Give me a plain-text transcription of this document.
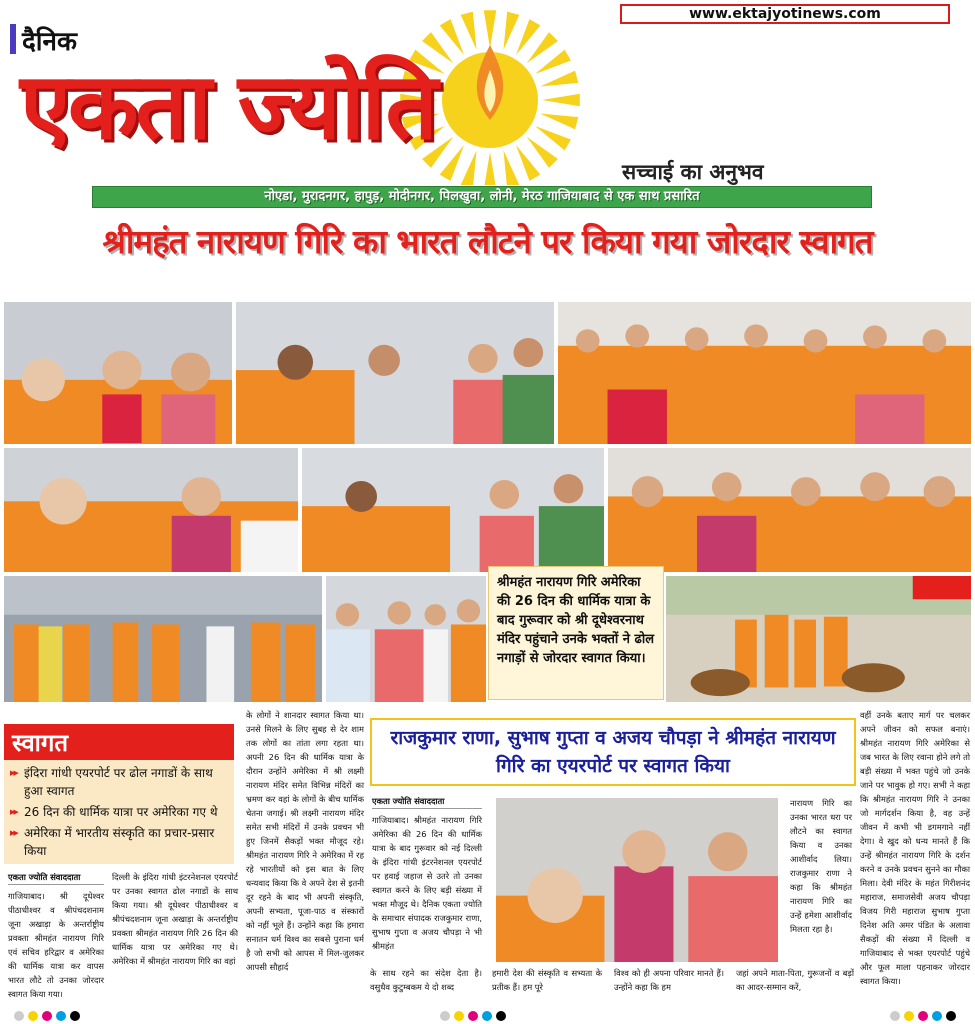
www.ektajyotinews.com
दैनिक
एकता ज्योति
सच्चाई का अनुभव
नोएडा, मुरादनगर, हापुड़, मोदीनगर, पिलखुवा, लोनी, मेरठ गाजियाबाद से एक साथ प्रसारित
श्रीमहंत नारायण गिरि का भारत लौटने पर किया गया जोरदार स्वागत
श्रीमहंत नारायण गिरि अमेरिका की 26 दिन की धार्मिक यात्रा के बाद गुरूवार को श्री दूधेश्वरनाथ मंदिर पहुंचाने उनके भक्तों ने ढोल नगाड़ों से जोरदार स्वागत किया।
स्वागत
▶▶ इंदिरा गांधी एयरपोर्ट पर ढोल नगाडों के साथ हुआ स्वागत
▶▶ 26 दिन की धार्मिक यात्रा पर अमेरिका गए थे
▶▶ अमेरिका में भारतीय संस्कृति का प्रचार-प्रसार किया
एकता ज्योति संवाददाता
गाजियाबाद। श्री दूधेश्वर पीठाधीश्वर व श्रीपंचदशनाम जूना अखाड़ा के अन्तर्राष्ट्रीय प्रवक्ता श्रीमहंत नारायण गिरि एवं सचिव हरिद्वार व अमेरिका की धार्मिक यात्रा कर वापस भारत लौटे तो उनका जोरदार स्वागत किया गया।
दिल्ली के इंदिरा गांधी इंटरनेशनल एयरपोर्ट पर उनका स्वागत ढोल नगाडों के साथ किया गया। श्री दूधेश्वर पीठाधीश्वर व श्रीपंचदशनाम जूना अखाड़ा के अन्तर्राष्ट्रीय प्रवक्ता श्रीमहंत नारायण गिरि 26 दिन की धार्मिक यात्रा पर अमेरिका गए थे। अमेरिका में श्रीमहंत नारायण गिरि का वहां
के लोगों ने शानदार स्वागत किया था। उनसे मिलने के लिए सुबह से देर शाम तक लोगों का तांता लगा रहता था। अपनी 26 दिन की धार्मिक यात्रा के दौरान उन्होंने अमेरिका में श्री लक्ष्मी नारायण मंदिर समेत विभिन्न मंदिरों का भ्रमण कर वहां के लोगों के बीच धार्मिक चेतना जगाई। श्री लक्ष्मी नारायण मंदिर समेत सभी मंदिरों में उनके प्रवचन भी हुए जिनमें सैकड़ों भक्त मौजूद रहे। श्रीमहंत नारायण गिरि ने अमेरिका में रह रहे भारतीयों को इस बात के लिए धन्यवाद किया कि वे अपने देश से इतनी दूर रहने के बाद भी अपनी संस्कृति, अपनी सभ्यता, पूजा-पाठ व संस्कारों को नहीं भूले हैं। उन्होंने कहा कि हमारा सनातन धर्म विश्व का सबसे पुराना धर्म है जो सभी को आपस में मिल-जुलकर आपसी सौहार्द
के साथ रहने का संदेश देता है। वसुधैव कुटुम्बकम ये दो शब्द
राजकुमार राणा, सुभाष गुप्ता व अजय चौपड़ा ने श्रीमहंत नारायण गिरि का एयरपोर्ट पर स्वागत किया
एकता ज्योति संवाददाता
गाजियाबाद। श्रीमहंत नारायण गिरि अमेरिका की 26 दिन की धार्मिक यात्रा के बाद गुरूवार को नई दिल्ली के इंदिरा गांधी इंटरनेशनल एयरपोर्ट पर हवाई जहाज से उतरे तो उनका स्वागत करने के लिए बड़ी संख्या में भक्त मौजूद थे। दैनिक एकता ज्योति के समाचार संपादक राजकुमार राणा, सुभाष गुप्ता व अजय चौपड़ा ने भी श्रीमहंत
हमारी देश की संस्कृति व सभ्यता के प्रतीक हैं। हम पूरे
नारायण गिरि का उनका भारत धरा पर लौटने का स्वागत किया व उनका आशीर्वाद लिया। राजकुमार राणा ने कहा कि श्रीमहंत नारायण गिरि का उन्हें हमेशा आशीर्वाद मिलता रहा है।
विश्व को ही अपना परिवार मानते हैं। उन्होंने कहा कि हम
जहां अपने माता-पिता, गुरूजनों व बड़ों का आदर-सम्मान करें,
वहीं उनके बताए मार्ग पर चलकर अपने जीवन को सफल बनाएं। श्रीमहंत नारायण गिरि अमेरिका से जब भारत के लिए रवाना होने लगे तो बड़ी संख्या में भक्त पहुंचे जो उनके जाने पर भावुक हो गए। सभी ने कहा कि श्रीमहंत नारायण गिरि ने उनका जो मार्गदर्शन किया है, वह उन्हें जीवन में कभी भी डगमगाने नहीं देगा। वे खुद को धन्य मानते हैं कि उन्हें श्रीमहंत नारायण गिरि के दर्शन करने व उनके प्रवचन सुनने का मौका मिला। देवी मंदिर के महंत गिरीशनंद महाराज, समाजसेवी अजय चौपड़ा विजय गिरी महाराज सुभाष गुप्ता दिनेश अति अमर पंडित के अलावा सैकड़ों की संख्या में दिल्ली व गाजियाबाद से भक्त एयरपोर्ट पहुंचे और फूल माला पहनाकर जोरदार स्वागत किया।
